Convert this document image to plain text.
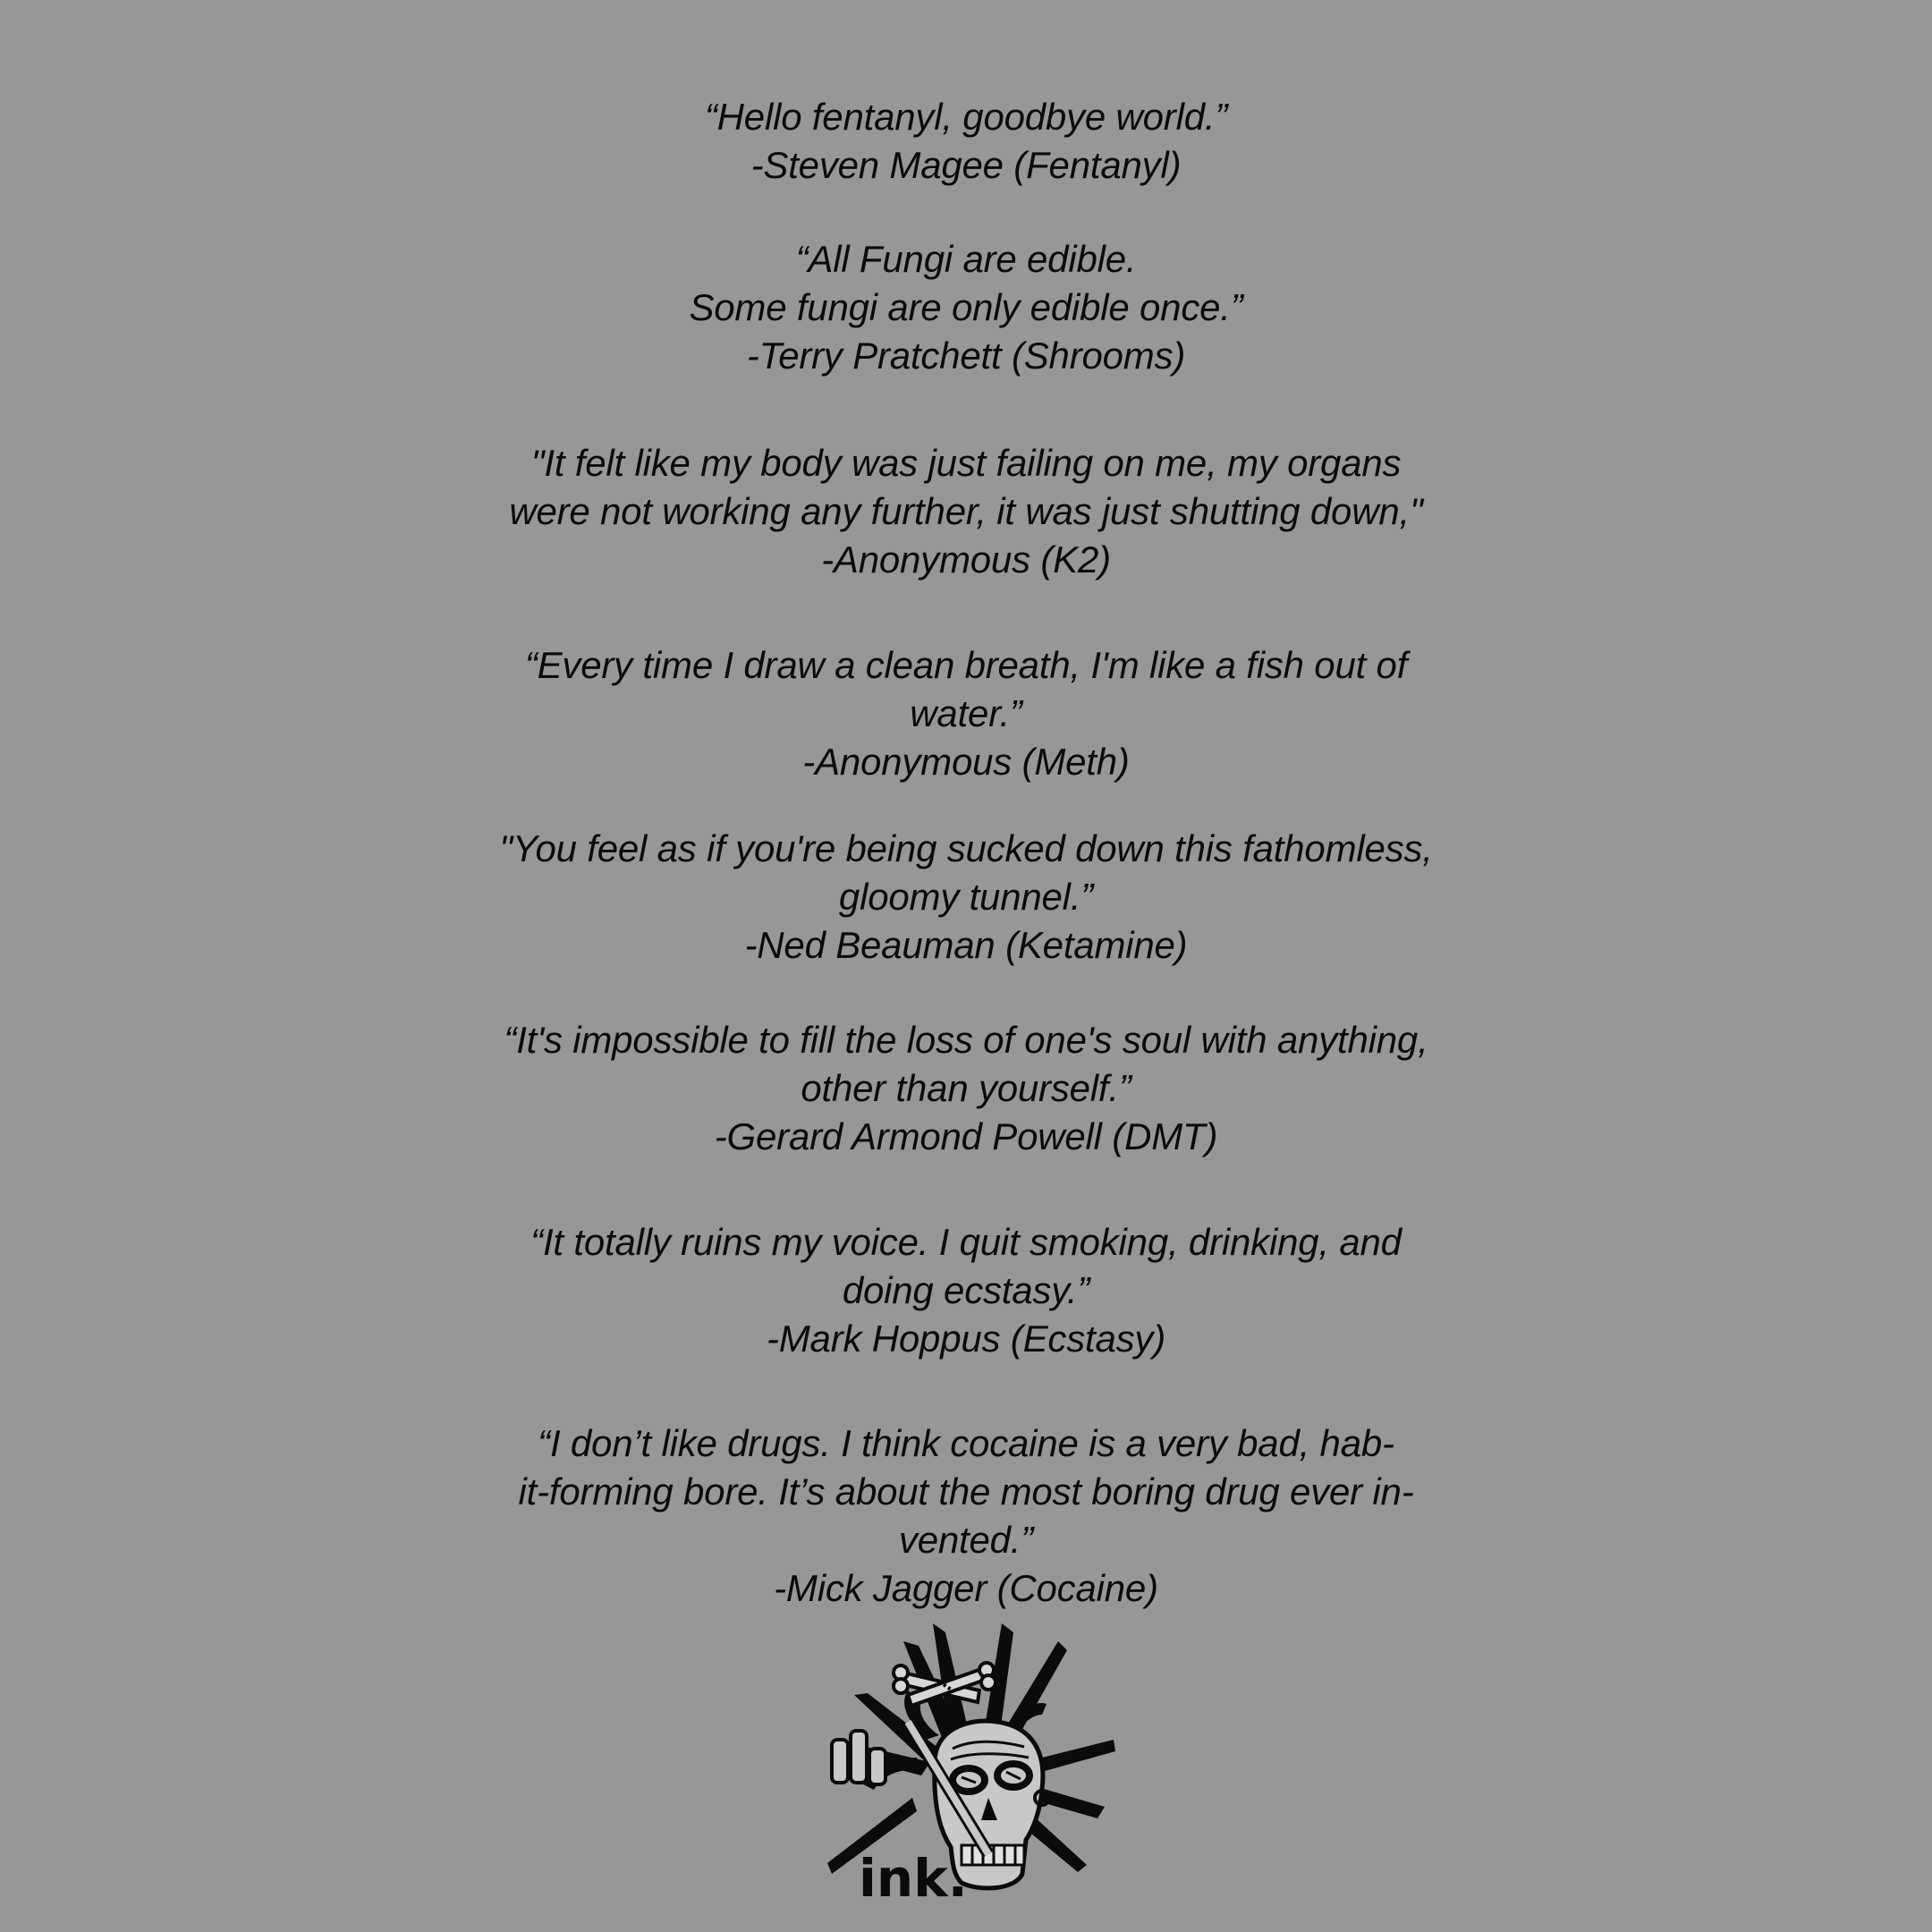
“Hello fentanyl, goodbye world.”
-Steven Magee (Fentanyl)
“All Fungi are edible.
Some fungi are only edible once.”
-Terry Pratchett (Shrooms)
"It felt like my body was just failing on me, my organs
were not working any further, it was just shutting down,"
-Anonymous (K2)
“Every time I draw a clean breath, I'm like a fish out of
water.”
-Anonymous (Meth)
"You feel as if you're being sucked down this fathomless,
gloomy tunnel.”
-Ned Beauman (Ketamine)
“It's impossible to fill the loss of one's soul with anything,
other than yourself.”
-Gerard Armond Powell (DMT)
“It totally ruins my voice. I quit smoking, drinking, and
doing ecstasy.”
-Mark Hoppus (Ecstasy)
“I don’t like drugs. I think cocaine is a very bad, hab-
it-forming bore. It’s about the most boring drug ever in-
vented.”
-Mick Jagger (Cocaine)
ink.
